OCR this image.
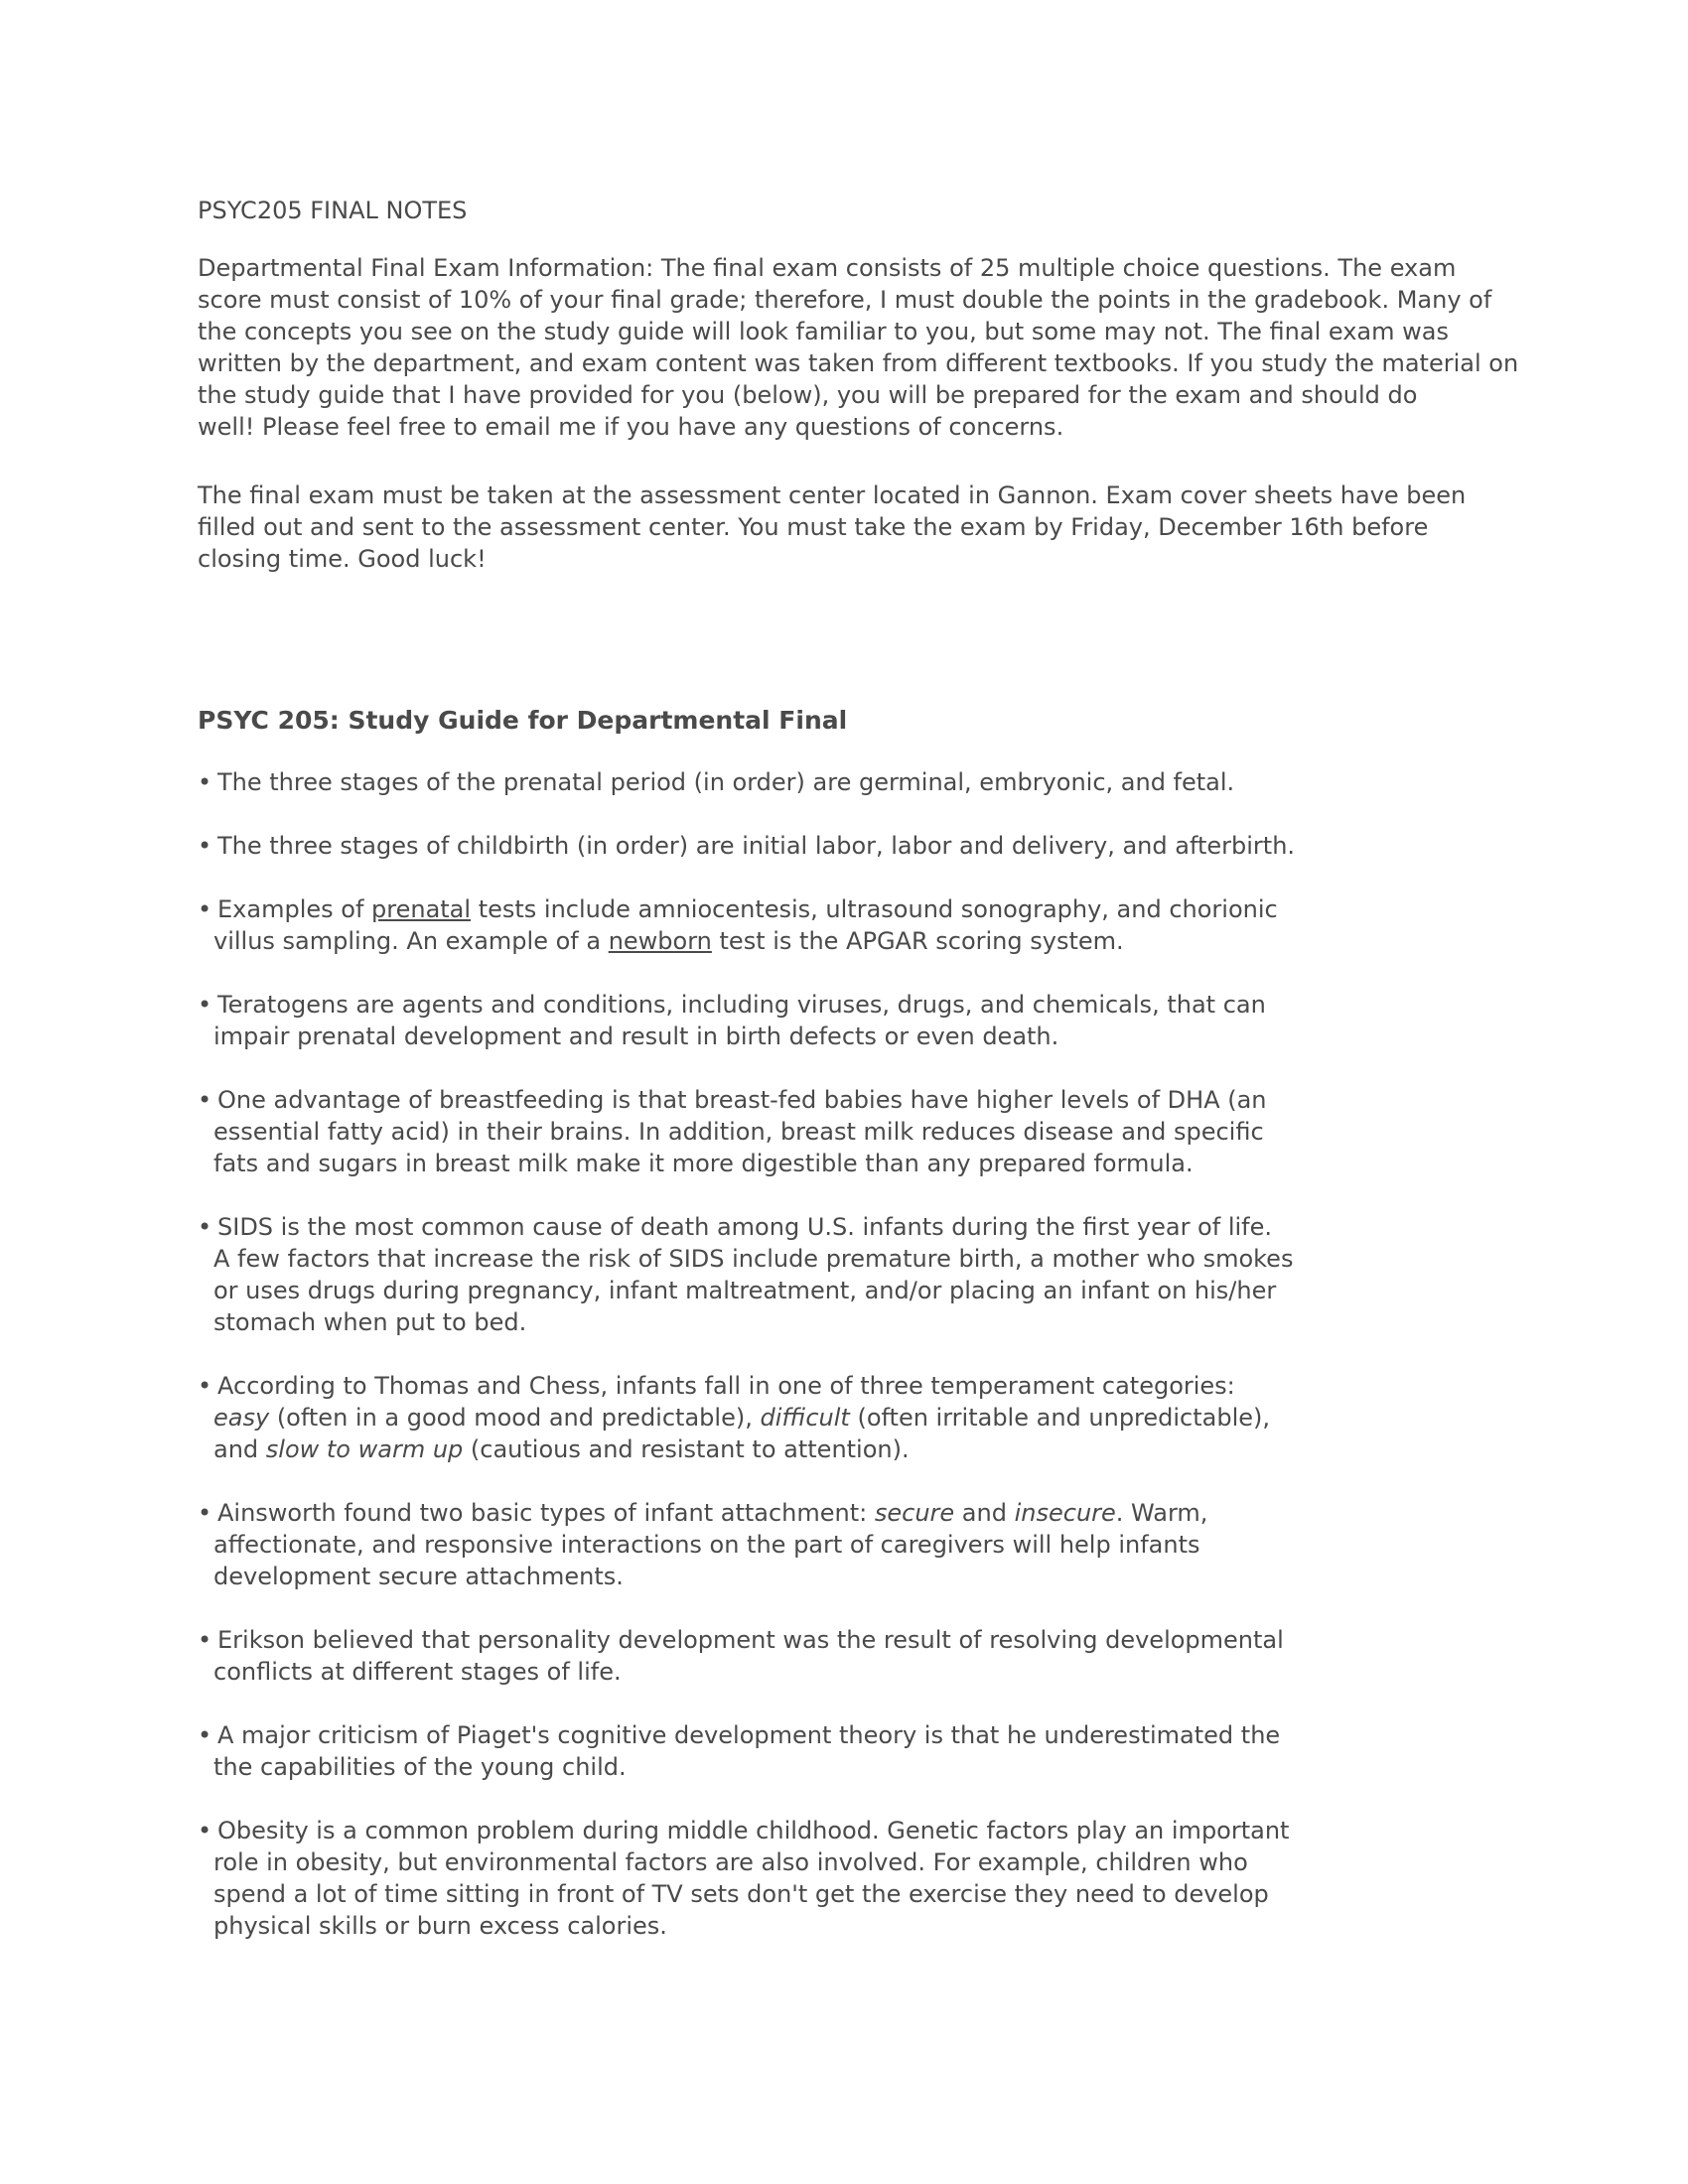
PSYC205 FINAL NOTES
Departmental Final Exam Information: The final exam consists of 25 multiple choice questions. The exam
score must consist of 10% of your final grade; therefore, I must double the points in the gradebook. Many of
the concepts you see on the study guide will look familiar to you, but some may not. The final exam was
written by the department, and exam content was taken from different textbooks. If you study the material on
the study guide that I have provided for you (below), you will be prepared for the exam and should do
well! Please feel free to email me if you have any questions of concerns.
The final exam must be taken at the assessment center located in Gannon. Exam cover sheets have been
filled out and sent to the assessment center. You must take the exam by Friday, December 16th before
closing time. Good luck!
PSYC 205: Study Guide for Departmental Final
• The three stages of the prenatal period (in order) are germinal, embryonic, and fetal.
• The three stages of childbirth (in order) are initial labor, labor and delivery, and afterbirth.
• Examples of prenatal tests include amniocentesis, ultrasound sonography, and chorionic
villus sampling. An example of a newborn test is the APGAR scoring system.
• Teratogens are agents and conditions, including viruses, drugs, and chemicals, that can
impair prenatal development and result in birth defects or even death.
• One advantage of breastfeeding is that breast-fed babies have higher levels of DHA (an
essential fatty acid) in their brains. In addition, breast milk reduces disease and specific
fats and sugars in breast milk make it more digestible than any prepared formula.
• SIDS is the most common cause of death among U.S. infants during the first year of life.
A few factors that increase the risk of SIDS include premature birth, a mother who smokes
or uses drugs during pregnancy, infant maltreatment, and/or placing an infant on his/her
stomach when put to bed.
• According to Thomas and Chess, infants fall in one of three temperament categories:
easy (often in a good mood and predictable), difficult (often irritable and unpredictable),
and slow to warm up (cautious and resistant to attention).
• Ainsworth found two basic types of infant attachment: secure and insecure. Warm,
affectionate, and responsive interactions on the part of caregivers will help infants
development secure attachments.
• Erikson believed that personality development was the result of resolving developmental
conflicts at different stages of life.
• A major criticism of Piaget's cognitive development theory is that he underestimated the
the capabilities of the young child.
• Obesity is a common problem during middle childhood. Genetic factors play an important
role in obesity, but environmental factors are also involved. For example, children who
spend a lot of time sitting in front of TV sets don't get the exercise they need to develop
physical skills or burn excess calories.
